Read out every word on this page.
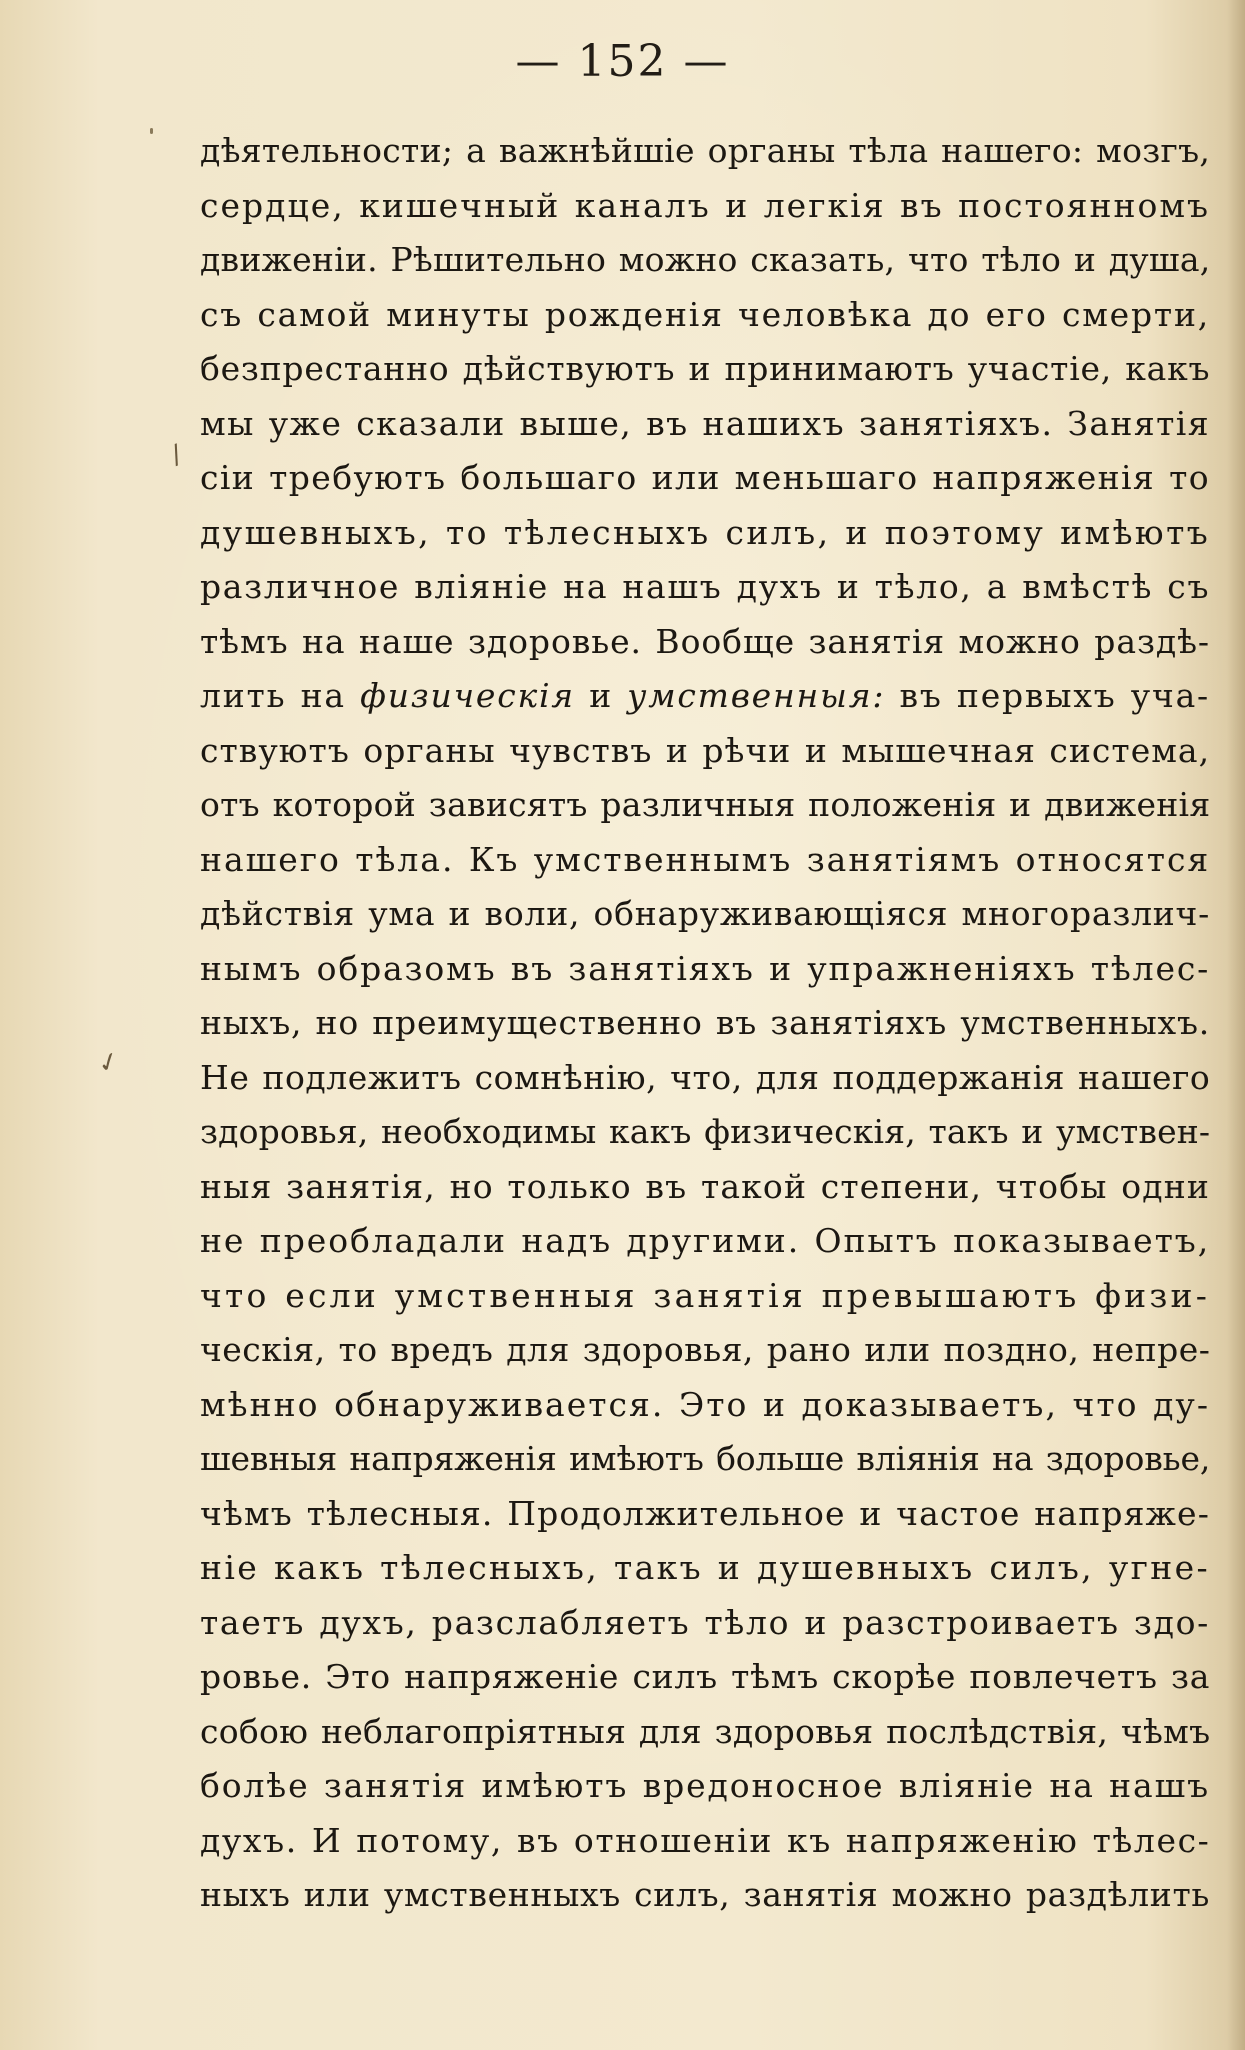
— 152 —
/
✓
дѣятельности; а важнѣйшіе органы тѣла нашего: мозгъ,
сердце, кишечный каналъ и легкія въ постоянномъ
движеніи. Рѣшительно можно сказать, что тѣло и душа,
съ самой минуты рожденія человѣка до его смерти,
безпрестанно дѣйствуютъ и принимаютъ участіе, какъ
мы уже сказали выше, въ нашихъ занятіяхъ. Занятія
сіи требуютъ большаго или меньшаго напряженія то
душевныхъ, то тѣлесныхъ силъ, и поэтому имѣютъ
различное вліяніе на нашъ духъ и тѣло, а вмѣстѣ съ
тѣмъ на наше здоровье. Вообще занятія можно раздѣ-
лить на физическія и умственныя: въ первыхъ уча-
ствуютъ органы чувствъ и рѣчи и мышечная система,
отъ которой зависятъ различныя положенія и движенія
нашего тѣла. Къ умственнымъ занятіямъ относятся
дѣйствія ума и воли, обнаруживающіяся многоразлич-
нымъ образомъ въ занятіяхъ и упражненіяхъ тѣлес-
ныхъ, но преимущественно въ занятіяхъ умственныхъ.
Не подлежитъ сомнѣнію, что, для поддержанія нашего
здоровья, необходимы какъ физическія, такъ и умствен-
ныя занятія, но только въ такой степени, чтобы одни
не преобладали надъ другими. Опытъ показываетъ,
что если умственныя занятія превышаютъ физи-
ческія, то вредъ для здоровья, рано или поздно, непре-
мѣнно обнаруживается. Это и доказываетъ, что ду-
шевныя напряженія имѣютъ больше вліянія на здоровье,
чѣмъ тѣлесныя. Продолжительное и частое напряже-
ніе какъ тѣлесныхъ, такъ и душевныхъ силъ, угне-
таетъ духъ, разслабляетъ тѣло и разстроиваетъ здо-
ровье. Это напряженіе силъ тѣмъ скорѣе повлечетъ за
собою неблагопріятныя для здоровья послѣдствія, чѣмъ
болѣе занятія имѣютъ вредоносное вліяніе на нашъ
духъ. И потому, въ отношеніи къ напряженію тѣлес-
ныхъ или умственныхъ силъ, занятія можно раздѣлить
